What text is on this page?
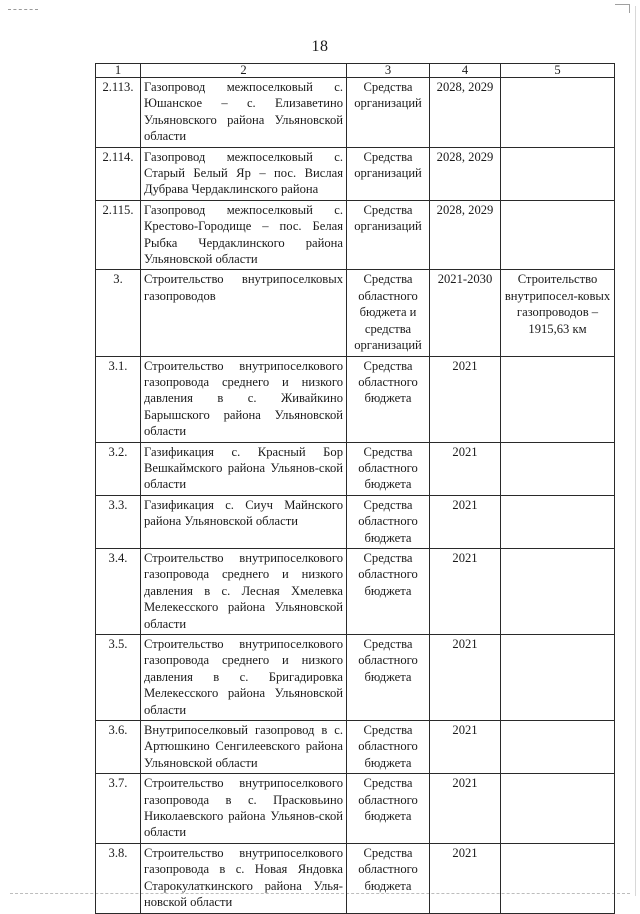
18
1	2	3	4	5
2.113.	Газопровод межпоселковый с. Юшанское – с. Елизаветино Ульяновского района Ульяновской области	Средства организаций	2028, 2029	
2.114.	Газопровод межпоселковый с. Старый Белый Яр – пос. Вислая Дубрава Чердаклинского района	Средства организаций	2028, 2029	
2.115.	Газопровод межпоселковый с. Крестово-Городище – пос. Белая Рыбка Чердаклинского района Ульяновской области	Средства организаций	2028, 2029	
3.	Строительство внутрипоселковых газопроводов	Средства областного бюджета и средства организаций	2021-2030	Строительство внутрипосел-ковых газопроводов – 1915,63 км
3.1.	Строительство внутрипоселкового газопровода среднего и низкого давления в с. Живайкино Барышского района Ульяновской области	Средства областного бюджета	2021	
3.2.	Газификация с. Красный Бор Вешкаймского района Ульянов-ской области	Средства областного бюджета	2021	
3.3.	Газификация с. Сиуч Майнского района Ульяновской области	Средства областного бюджета	2021	
3.4.	Строительство внутрипоселкового газопровода среднего и низкого давления в с. Лесная Хмелевка Мелекесского района Ульяновской области	Средства областного бюджета	2021	
3.5.	Строительство внутрипоселкового газопровода среднего и низкого давления в с. Бригадировка Мелекесского района Ульяновской области	Средства областного бюджета	2021	
3.6.	Внутрипоселковый газопровод в с. Артюшкино Сенгилеевского района Ульяновской области	Средства областного бюджета	2021	
3.7.	Строительство внутрипоселкового газопровода в с. Прасковьино Николаевского района Ульянов-ской области	Средства областного бюджета	2021	
3.8.	Строительство внутрипоселкового газопровода в с. Новая Яндовка Старокулаткинского района Улья-новской области	Средства областного бюджета	2021	
